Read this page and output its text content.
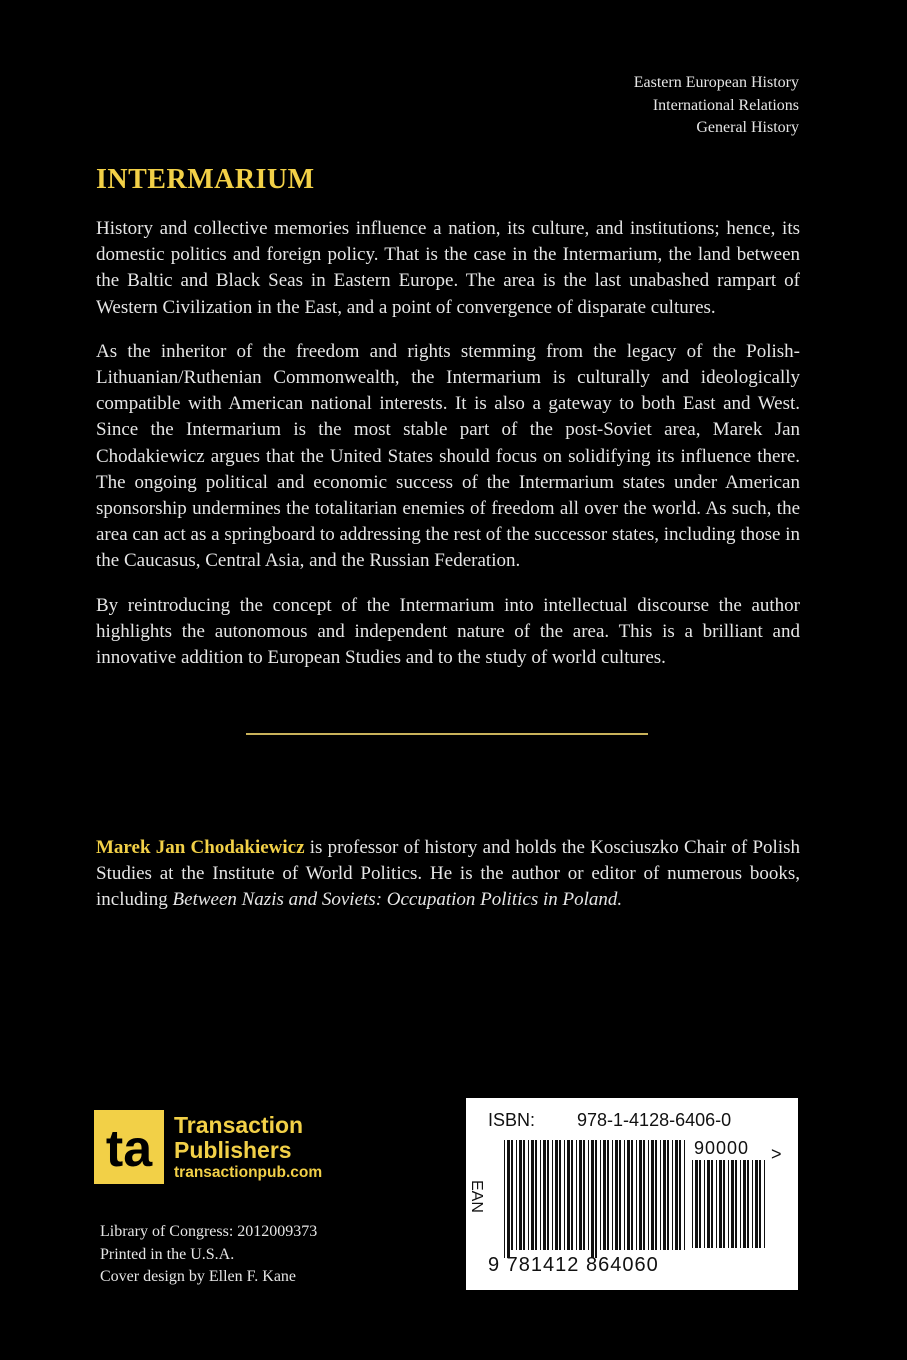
Eastern European History
International Relations
General History
INTERMARIUM

History and collective memories influence a nation, its culture, and institutions; hence, its domestic politics and foreign policy. That is the case in the Intermarium, the land between the Baltic and Black Seas in Eastern Europe. The area is the last unabashed rampart of Western Civilization in the East, and a point of convergence of disparate cultures.

As the inheritor of the freedom and rights stemming from the legacy of the Polish-Lithuanian/Ruthenian Commonwealth, the Intermarium is culturally and ideologically compatible with American national interests. It is also a gateway to both East and West. Since the Intermarium is the most stable part of the post-Soviet area, Marek Jan Chodakiewicz argues that the United States should focus on solidifying its influence there. The ongoing political and economic success of the Intermarium states under American sponsorship undermines the totalitarian enemies of freedom all over the world. As such, the area can act as a springboard to addressing the rest of the successor states, including those in the Caucasus, Central Asia, and the Russian Federation.

By reintroducing the concept of the Intermarium into intellectual discourse the author highlights the autonomous and independent nature of the area. This is a brilliant and innovative addition to European Studies and to the study of world cultures.

Marek Jan Chodakiewicz is professor of history and holds the Kosciuszko Chair of Polish Studies at the Institute of World Politics. He is the author or editor of numerous books, including Between Nazis and Soviets: Occupation Politics in Poland.

ta Transaction
Publishers
transactionpub.com
Library of Congress: 2012009373
Printed in the U.S.A.
Cover design by Ellen F. Kane
ISBN: 978-1-4128-6406-0
EAN
90000 >
9 781412 864060
